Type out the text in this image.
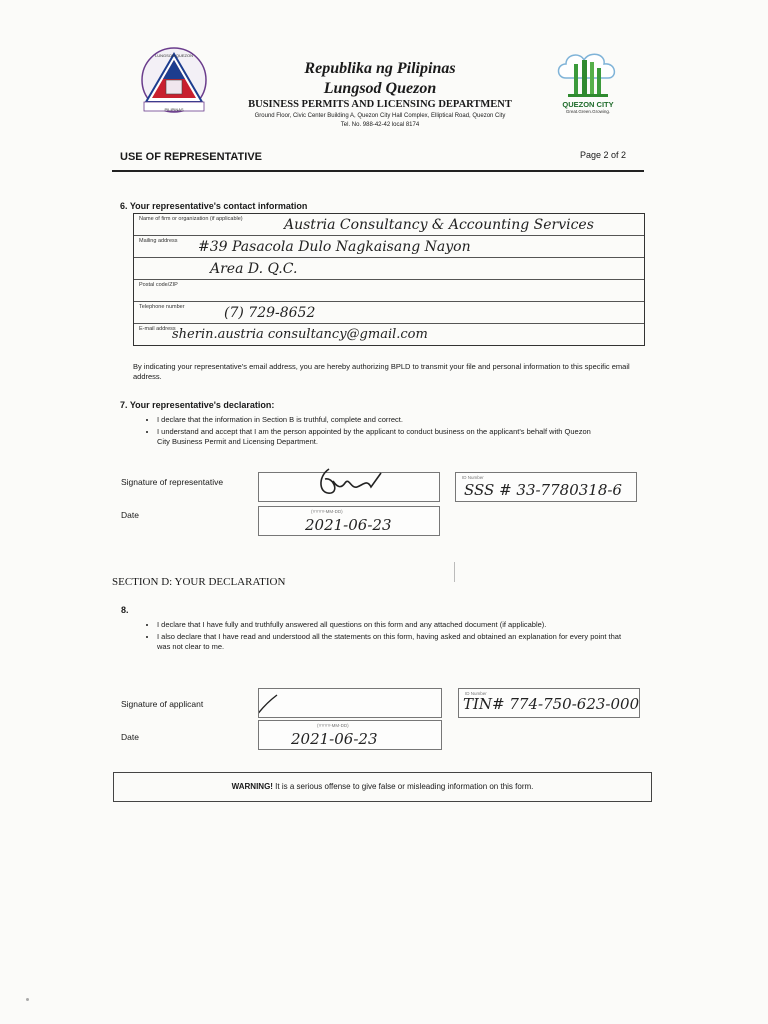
LUNGSOD QUEZON
PILIPINAS
Republika ng Pilipinas
Lungsod Quezon
BUSINESS PERMITS AND LICENSING DEPARTMENT
Ground Floor, Civic Center Building A, Quezon City Hall Complex, Elliptical Road, Quezon City
Tel. No. 988-42-42 local 8174
QUEZON CITY
Great.Green.Growing.
USE OF REPRESENTATIVE	Page 2 of 2
6. Your representative's contact information
Name of firm or organization (if applicable)	Austria Consultancy & Accounting Services
Mailing address #39 Pasacola Dulo Nagkaisang Nayon
Area D. Q.C.
Postal code/ZIP
Telephone number	(7) 729-8652
E-mail address
sherin.austria consultancy@gmail.com
By indicating your representative's email address, you are hereby authorizing BPLD to transmit your file and personal information to this specific email address.
7. Your representative's declaration:
• I declare that the information in Section B is truthful, complete and correct.
• I understand and accept that I am the person appointed by the applicant to conduct business on the applicant's behalf with Quezon City Business Permit and Licensing Department.
Signature of representative	ID Number
SSS # 33-7780318-6
Date	(YYYY-MM-DD)
2021-06-23
SECTION D: YOUR DECLARATION
8.
• I declare that I have fully and truthfully answered all questions on this form and any attached document (if applicable).
• I also declare that I have read and understood all the statements on this form, having asked and obtained an explanation for every point that was not clear to me.
Signature of applicant
ID Number
TIN# 774-750-623-000
Date
(YYYY-MM-DD)
2021-06-23
WARNING! It is a serious offense to give false or misleading information on this form.
